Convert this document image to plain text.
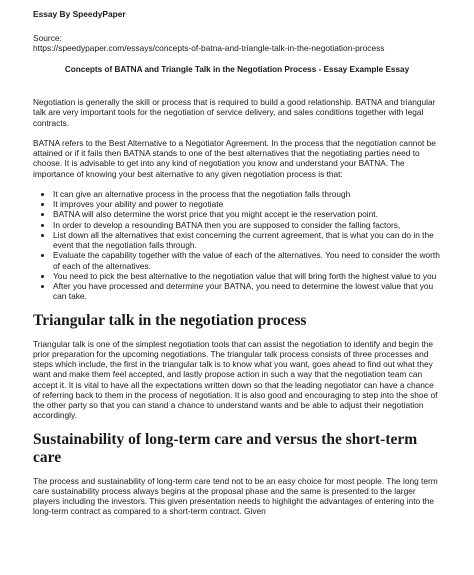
Essay By SpeedyPaper

Source:

https://speedypaper.com/essays/concepts-of-batna-and-triangle-talk-in-the-negotiation-process

Concepts of BATNA and Triangle Talk in the Negotiation Process - Essay Example Essay

Negotiation is generally the skill or process that is required to build a good relationship. BATNA and triangular talk are very important tools for the negotiation of service delivery, and sales conditions together with legal contracts.

BATNA refers to the Best Alternative to a Negotiator Agreement. In the process that the negotiation cannot be attained or if it fails then BATNA stands to one of the best alternatives that the negotiating parties need to choose. It is advisable to get into any kind of negotiation you know and understand your BATNA. The importance of knowing your best alternative to any given negotiation process is that:

• It can give an alternative process in the process that the negotiation falls through
• It improves your ability and power to negotiate
• BATNA will also determine the worst price that you might accept ie the reservation point.
• In order to develop a resounding BATNA then you are supposed to consider the falling factors,
• List down all the alternatives that exist concerning the current agreement, that is what you can do in the event that the negotiation falls through.
• Evaluate the capability together with the value of each of the alternatives. You need to consider the worth of each of the alternatives.
• You need to pick the best alternative to the negotiation value that will bring forth the highest value to you
• After you have processed and determine your BATNA, you need to determine the lowest value that you can take.
Triangular talk in the negotiation process

Triangular talk is one of the simplest negotiation tools that can assist the negotiation to identify and begin the prior preparation for the upcoming negotiations. The triangular talk process consists of three processes and steps which include, the first in the triangular talk is to know what you want, goes ahead to find out what they want and make them feel accepted, and lastly propose action in such a way that the negotiation team can accept it. It is vital to have all the expectations written down so that the leading negotiator can have a chance of referring back to them in the process of negotiation. It is also good and encouraging to step into the shoe of the other party so that you can stand a chance to understand wants and be able to adjust their negotiation accordingly.

Sustainability of long-term care and versus the short-term care

The process and sustainability of long-term care tend not to be an easy choice for most people. The long term care sustainability process always begins at the proposal phase and the same is presented to the larger players including the investors. This given presentation needs to highlight the advantages of entering into the long-term contract as compared to a short-term contract. Given
